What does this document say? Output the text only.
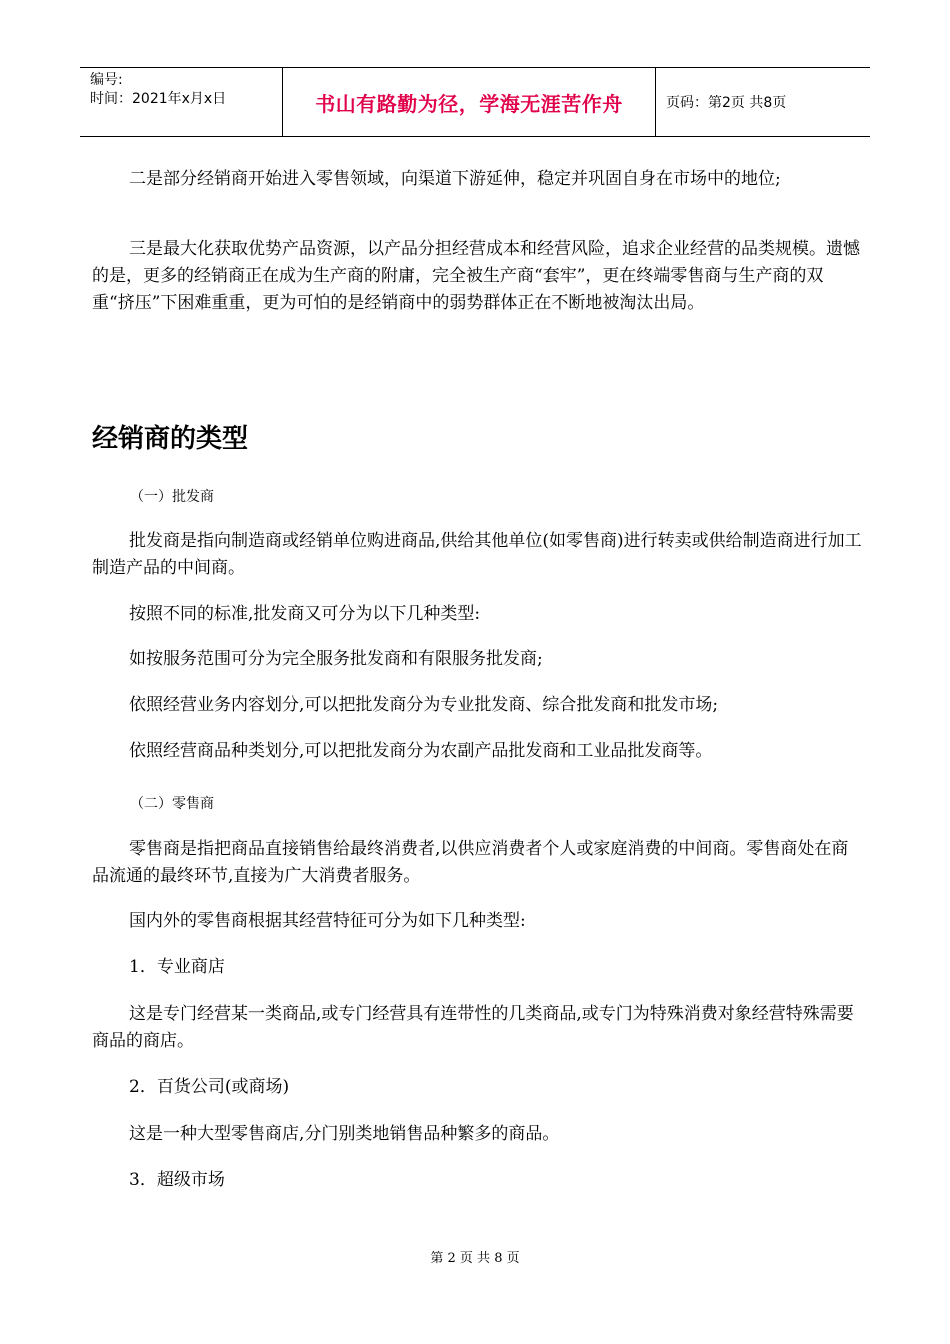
编号:
时间：2021年x月x日	书山有路勤为径，学海无涯苦作舟	页码：第2页 共8页
二是部分经销商开始进入零售领域，向渠道下游延伸，稳定并巩固自身在市场中的地位;
三是最大化获取优势产品资源，以产品分担经营成本和经营风险，追求企业经营的品类规模。遗憾的是，更多的经销商正在成为生产商的附庸，完全被生产商“套牢”，更在终端零售商与生产商的双重“挤压”下困难重重，更为可怕的是经销商中的弱势群体正在不断地被淘汰出局。
经销商的类型
（一）批发商
批发商是指向制造商或经销单位购进商品,供给其他单位(如零售商)进行转卖或供给制造商进行加工制造产品的中间商。
按照不同的标准,批发商又可分为以下几种类型:
如按服务范围可分为完全服务批发商和有限服务批发商;
依照经营业务内容划分,可以把批发商分为专业批发商、综合批发商和批发市场;
依照经营商品种类划分,可以把批发商分为农副产品批发商和工业品批发商等。
（二）零售商
零售商是指把商品直接销售给最终消费者,以供应消费者个人或家庭消费的中间商。零售商处在商品流通的最终环节,直接为广大消费者服务。
国内外的零售商根据其经营特征可分为如下几种类型:
1．专业商店
这是专门经营某一类商品,或专门经营具有连带性的几类商品,或专门为特殊消费对象经营特殊需要商品的商店。
2．百货公司(或商场)
这是一种大型零售商店,分门别类地销售品种繁多的商品。
3．超级市场
第 2 页 共 8 页
